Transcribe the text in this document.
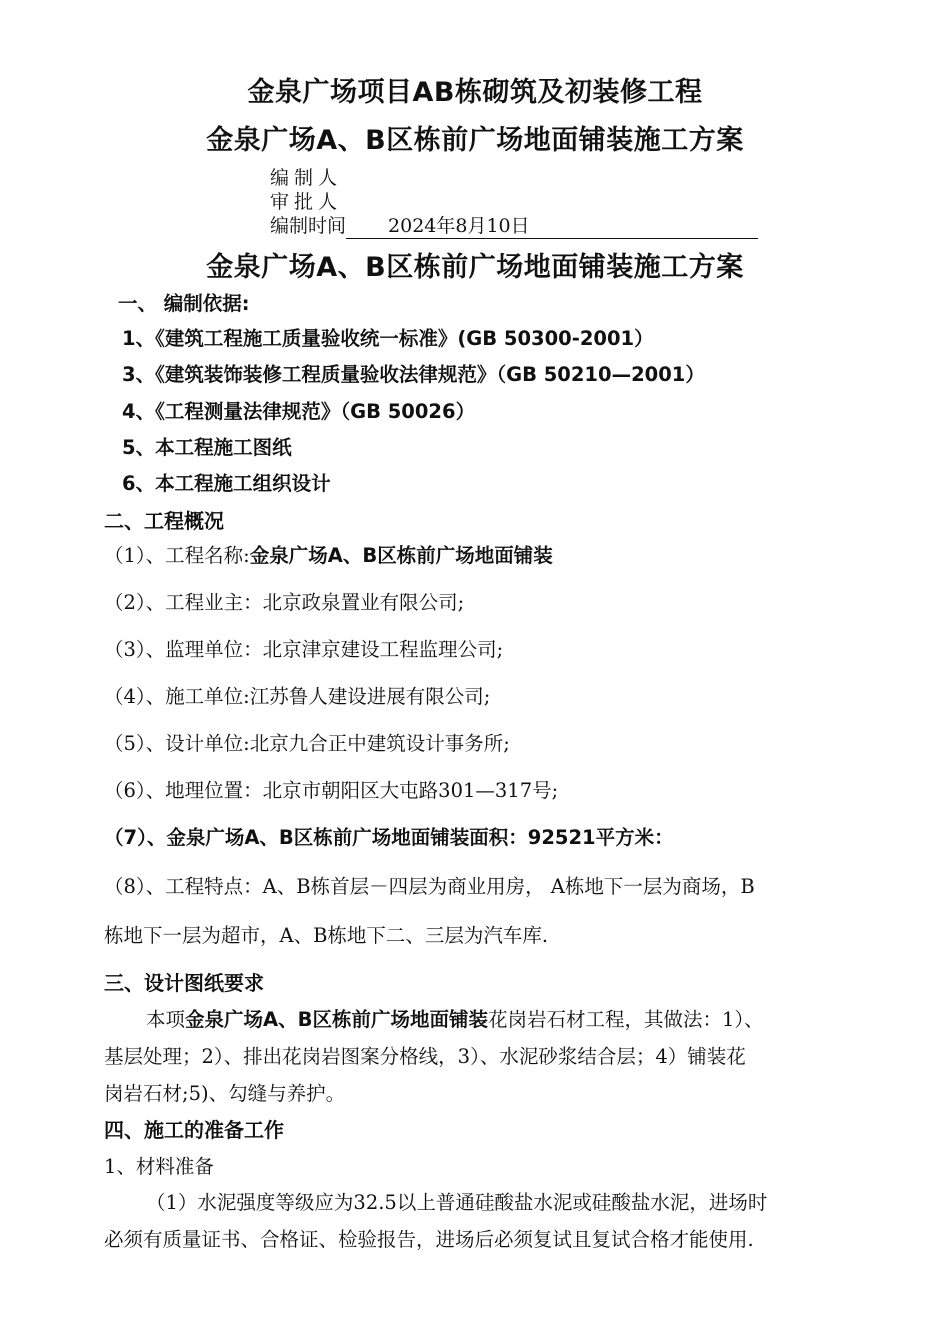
金泉广场项目AB栋砌筑及初装修工程
金泉广场A、B区栋前广场地面铺装施工方案
编制人
审批人
编制时间 2024年8月10日
金泉广场A、B区栋前广场地面铺装施工方案
一、 编制依据:
1、《建筑工程施工质量验收统一标准》(GB 50300-2001）
3、《建筑装饰装修工程质量验收法律规范》（GB 50210—2001）
4、《工程测量法律规范》（GB 50026）
5、本工程施工图纸
6、本工程施工组织设计
二、工程概况
（1）、工程名称:金泉广场A、B区栋前广场地面铺装
（2）、工程业主：北京政泉置业有限公司;
（3）、监理单位：北京津京建设工程监理公司;
（4）、施工单位:江苏鲁人建设进展有限公司;
（5）、设计单位:北京九合正中建筑设计事务所;
（6）、地理位置：北京市朝阳区大屯路301—317号;
（7）、金泉广场A、B区栋前广场地面铺装面积：92521平方米：
（8）、工程特点：A、B栋首层－四层为商业用房， A栋地下一层为商场，B
栋地下一层为超市，A、B栋地下二、三层为汽车库.
三、设计图纸要求
本项金泉广场A、B区栋前广场地面铺装花岗岩石材工程，其做法：1）、
基层处理；2）、排出花岗岩图案分格线，3）、水泥砂浆结合层；4）铺装花
岗岩石材;5)、勾缝与养护。
四、施工的准备工作
1、材料准备
（1）水泥强度等级应为32.5以上普通硅酸盐水泥或硅酸盐水泥，进场时
必须有质量证书、合格证、检验报告，进场后必须复试且复试合格才能使用.
